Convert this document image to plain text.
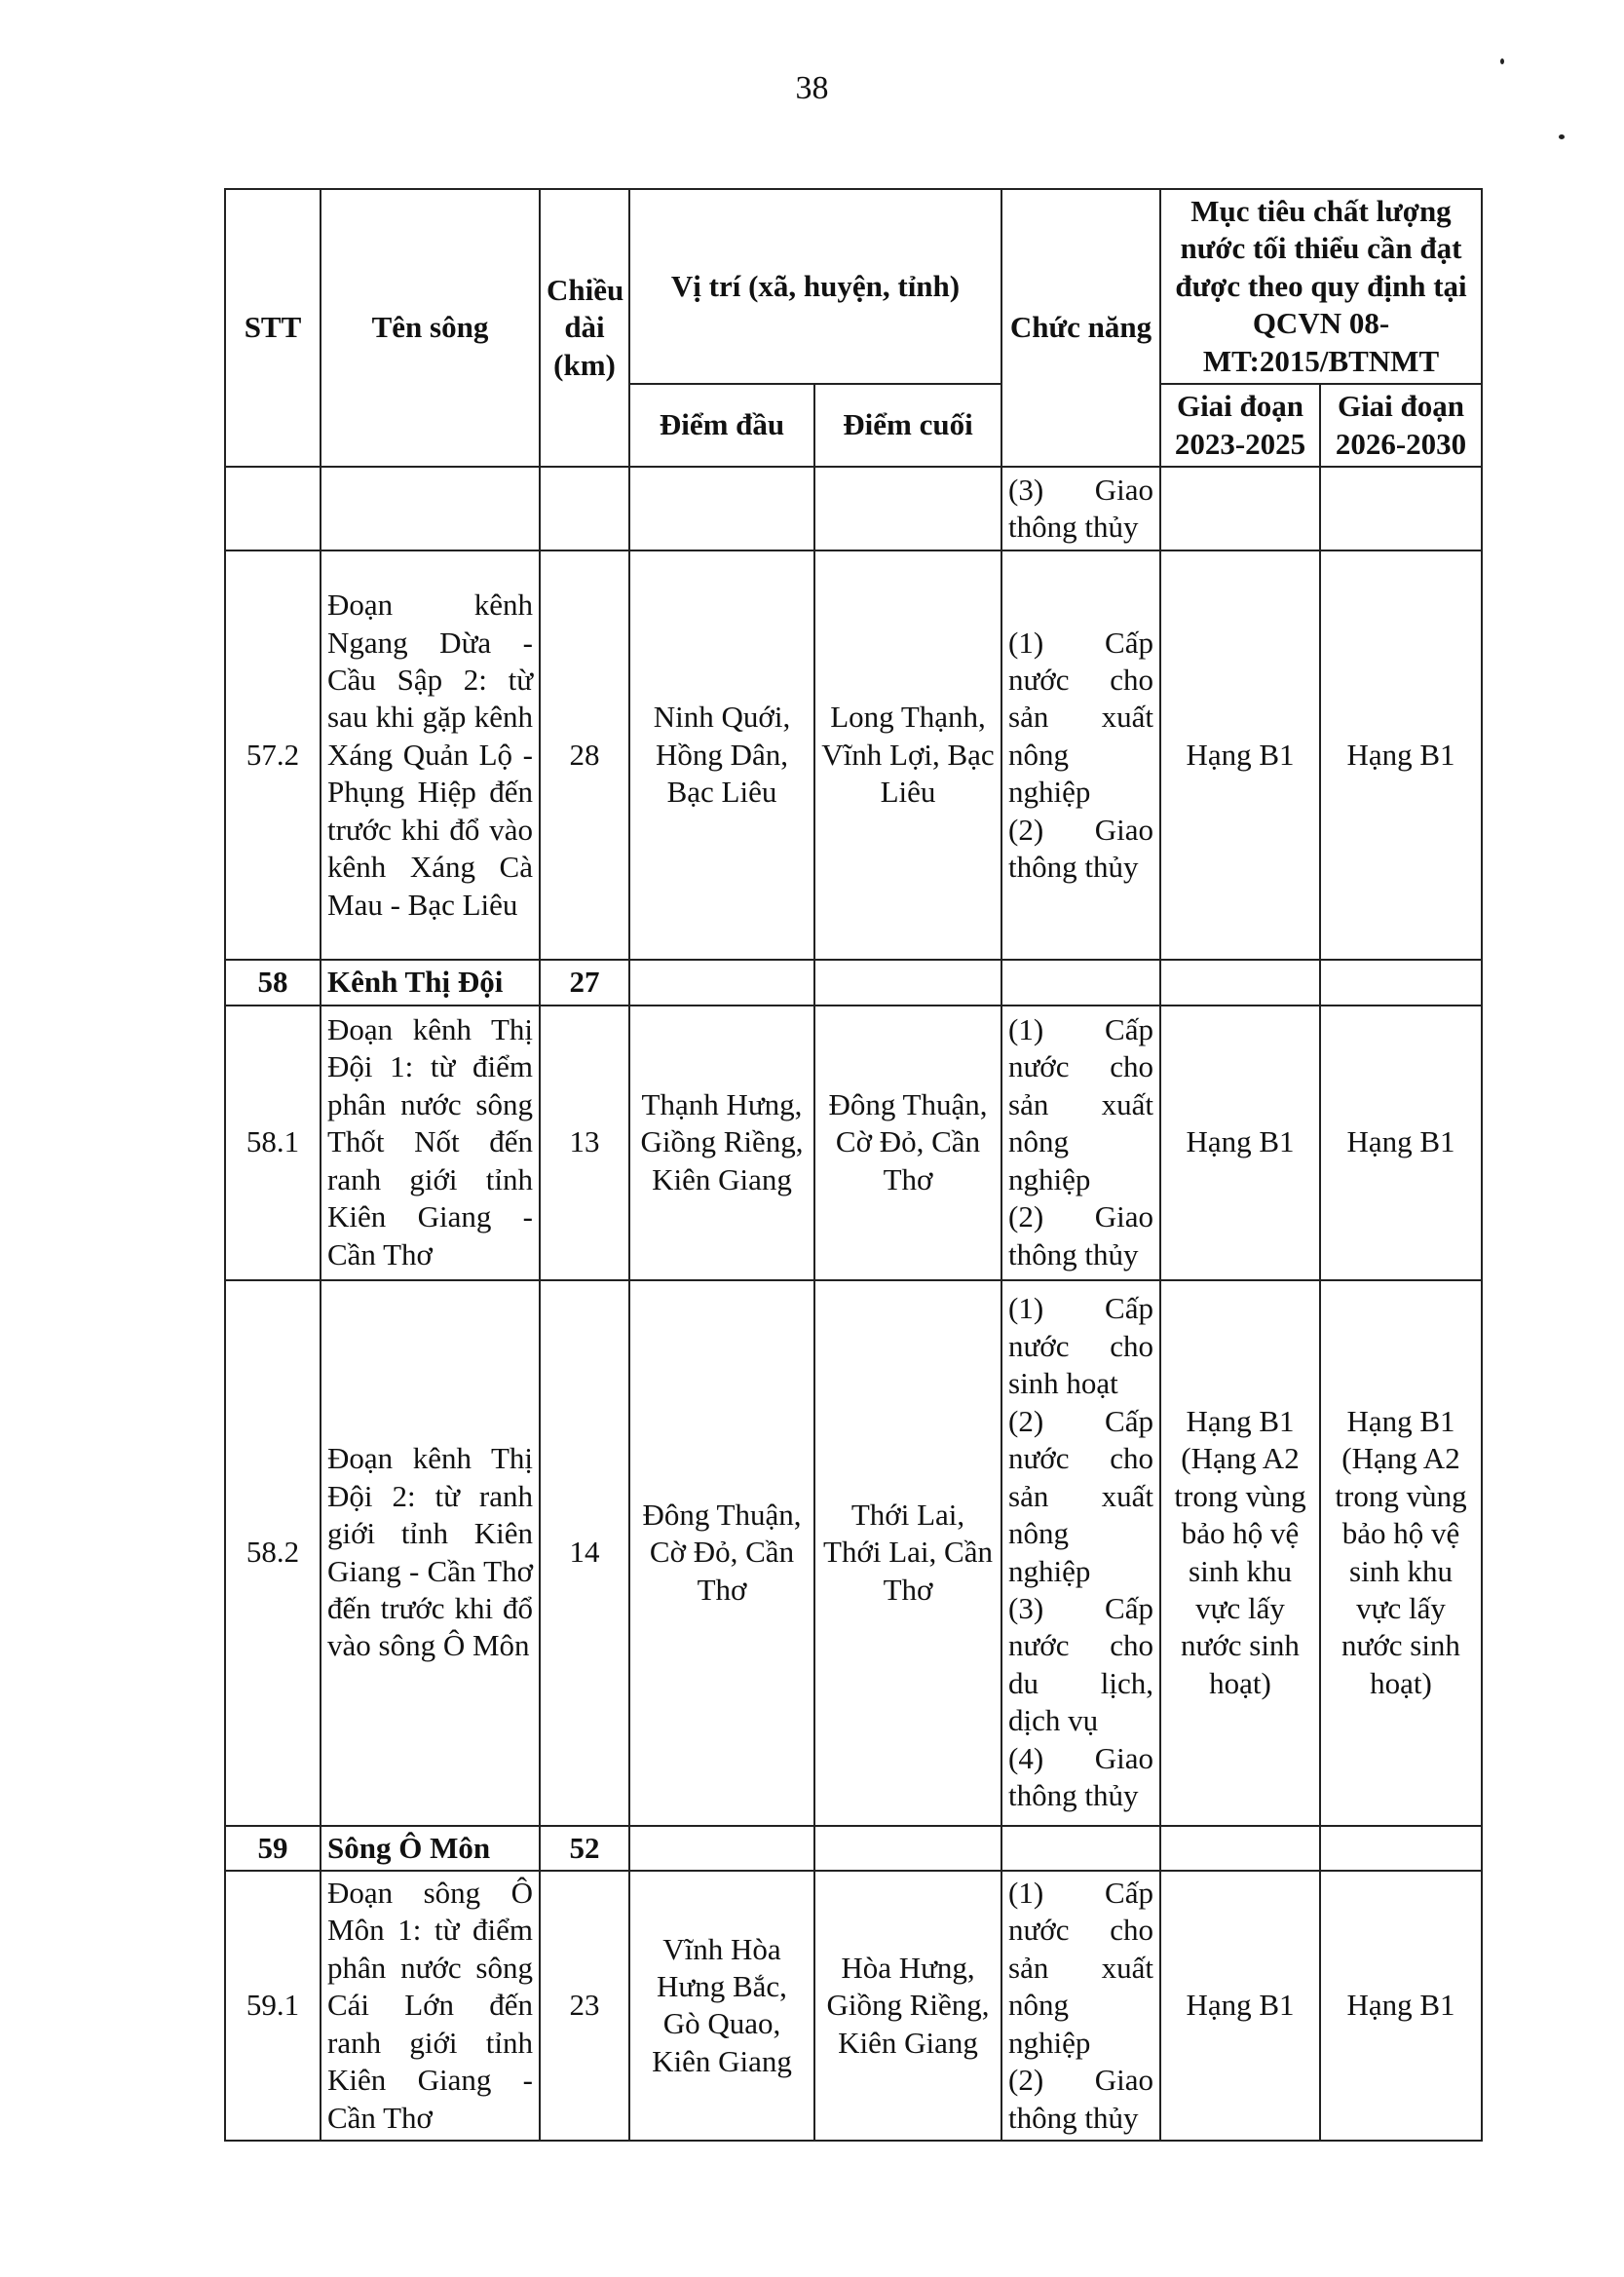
38
STT	Tên sông	Chiều dài (km)	Vị trí (xã, huyện, tỉnh)		Chức năng	Mục tiêu chất lượng nước tối thiểu cần đạt được theo quy định tại QCVN 08-MT:2015/BTNMT	
			Điểm đầu	Điểm cuối		Giai đoạn 2023-2025	Giai đoạn 2026-2030

					(3) Giao thông thủy		

57.2	Đoạn kênh Ngang Dừa - Cầu Sập 2: từ sau khi gặp kênh Xáng Quản Lộ - Phụng Hiệp đến trước khi đổ vào kênh Xáng Cà Mau - Bạc Liêu	28	Ninh Quới, Hồng Dân, Bạc Liêu	Long Thạnh, Vĩnh Lợi, Bạc Liêu	(1) Cấp nước cho sản xuất nông nghiệp
(2) Giao thông thủy	Hạng B1	Hạng B1
58	Kênh Thị Đội	27					
58.1	Đoạn kênh Thị Đội 1: từ điểm phân nước sông Thốt Nốt đến ranh giới tỉnh Kiên Giang - Cần Thơ	13	Thạnh Hưng, Giồng Riềng, Kiên Giang	Đông Thuận, Cờ Đỏ, Cần Thơ	(1) Cấp nước cho sản xuất nông nghiệp
(2) Giao thông thủy	Hạng B1	Hạng B1
58.2	Đoạn kênh Thị Đội 2: từ ranh giới tỉnh Kiên Giang - Cần Thơ đến trước khi đổ vào sông Ô Môn	14	Đông Thuận, Cờ Đỏ, Cần Thơ	Thới Lai, Thới Lai, Cần Thơ	(1) Cấp nước cho sinh hoạt
(2) Cấp nước cho sản xuất nông nghiệp
(3) Cấp nước cho du lịch, dịch vụ
(4) Giao thông thủy	Hạng B1 (Hạng A2 trong vùng bảo hộ vệ sinh khu vực lấy nước sinh hoạt)	Hạng B1 (Hạng A2 trong vùng bảo hộ vệ sinh khu vực lấy nước sinh hoạt)
59	Sông Ô Môn	52					
59.1	Đoạn sông Ô Môn 1: từ điểm phân nước sông Cái Lớn đến ranh giới tỉnh Kiên Giang - Cần Thơ	23	Vĩnh Hòa Hưng Bắc, Gò Quao, Kiên Giang	Hòa Hưng, Giồng Riềng, Kiên Giang	(1) Cấp nước cho sản xuất nông nghiệp
(2) Giao thông thủy	Hạng B1	Hạng B1
